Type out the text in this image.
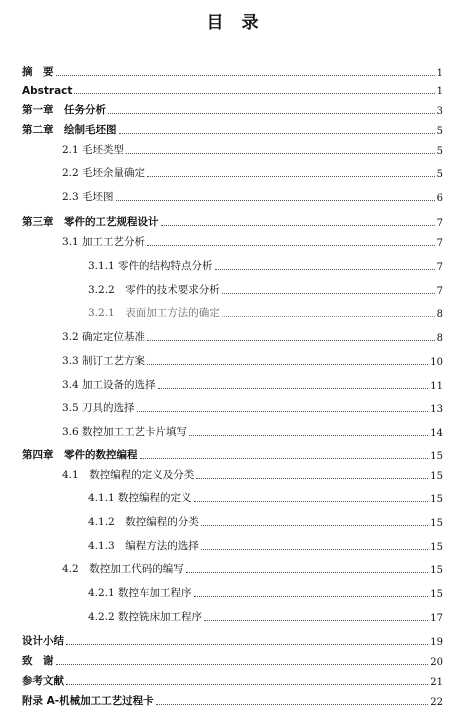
目 录
摘　要	1
Abstract	1
第一章　任务分析	3
第二章　绘制毛坯图	5
2.1 毛坯类型	5
2.2 毛坯余量确定	5
2.3 毛坯图	6
第三章　零件的工艺规程设计	7
3.1 加工工艺分析	7
3.1.1 零件的结构特点分析	7
3.2.2　零件的技术要求分析	7
3.2.1　表面加工方法的确定	8
3.2 确定定位基准	8
3.3 制订工艺方案	10
3.4 加工设备的选择	11
3.5 刀具的选择	13
3.6 数控加工工艺卡片填写	14
第四章　零件的数控编程	15
4.1　数控编程的定义及分类	15
4.1.1 数控编程的定义	15
4.1.2　数控编程的分类	15
4.1.3　编程方法的选择	15
4.2　数控加工代码的编写	15
4.2.1 数控车加工程序	15
4.2.2 数控铣床加工程序	17
设计小结	19
致　谢	20
参考文献	21
附录 A-机械加工工艺过程卡	22
